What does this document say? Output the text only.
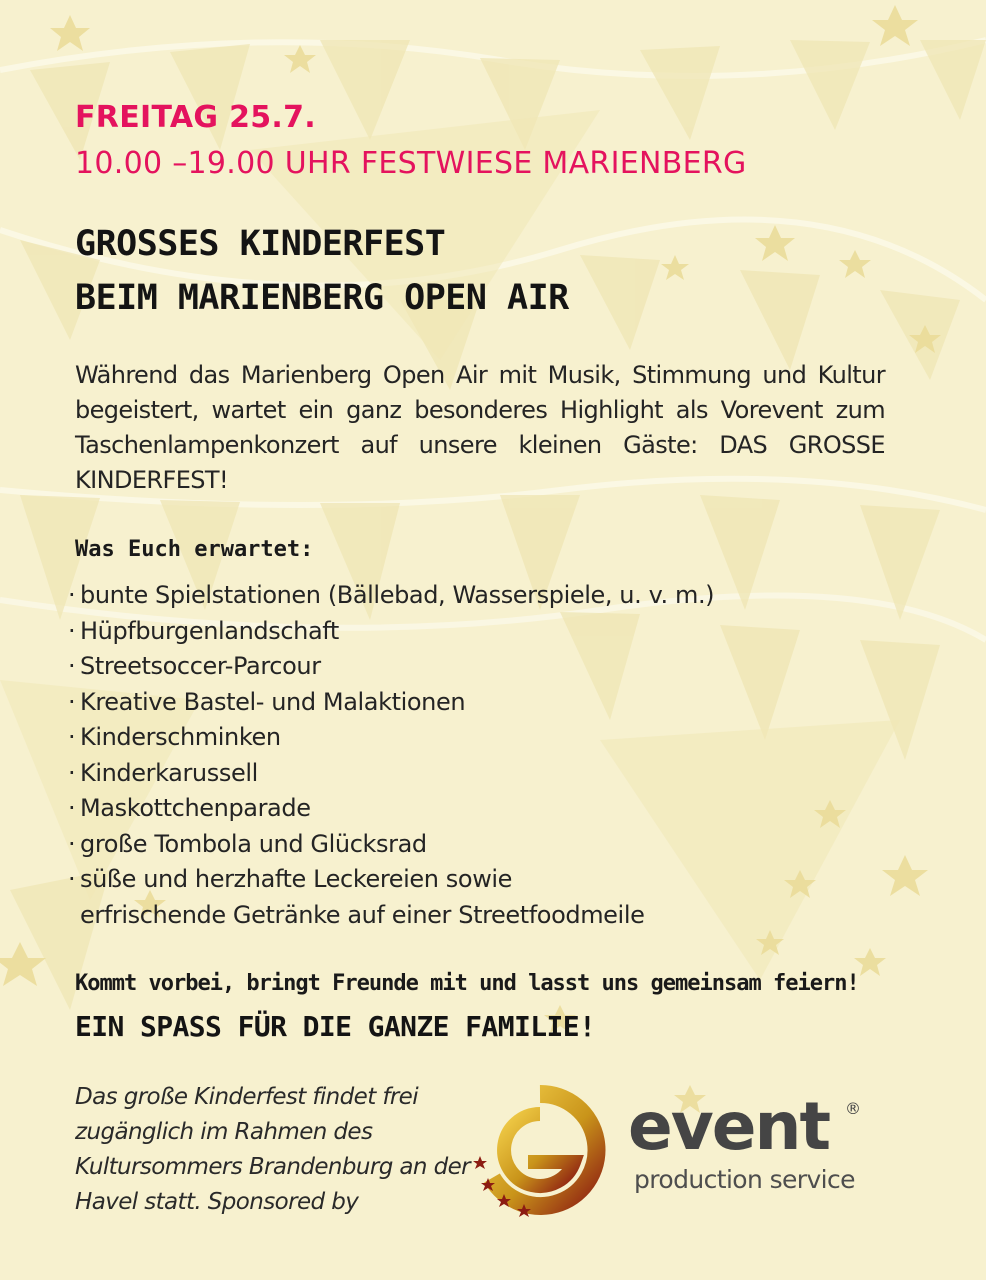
FREITAG 25.7.
10.00 –19.00 UHR FESTWIESE MARIENBERG
GROSSES KINDERFEST
BEIM MARIENBERG OPEN AIR
Während das Marienberg Open Air mit Musik, Stimmung und Kultur begeistert, wartet ein ganz besonderes Highlight als Vorevent zum Taschenlampenkonzert auf unsere kleinen Gäste: DAS GROSSE KINDERFEST!
Was Euch erwartet:
· bunte Spielstationen (Bällebad, Wasserspiele, u. v. m.)
· Hüpfburgenlandschaft
· Streetsoccer-Parcour
· Kreative Bastel- und Malaktionen
· Kinderschminken
· Kinderkarussell
· Maskottchenparade
· große Tombola und Glücksrad
· süße und herzhafte Leckereien sowie
erfrischende Getränke auf einer Streetfoodmeile
Kommt vorbei, bringt Freunde mit und lasst uns gemeinsam feiern!
EIN SPASS FÜR DIE GANZE FAMILIE!
Das große Kinderfest findet frei zugänglich im Rahmen des Kultursommers Brandenburg an der Havel statt. Sponsored by
event ®
production service
